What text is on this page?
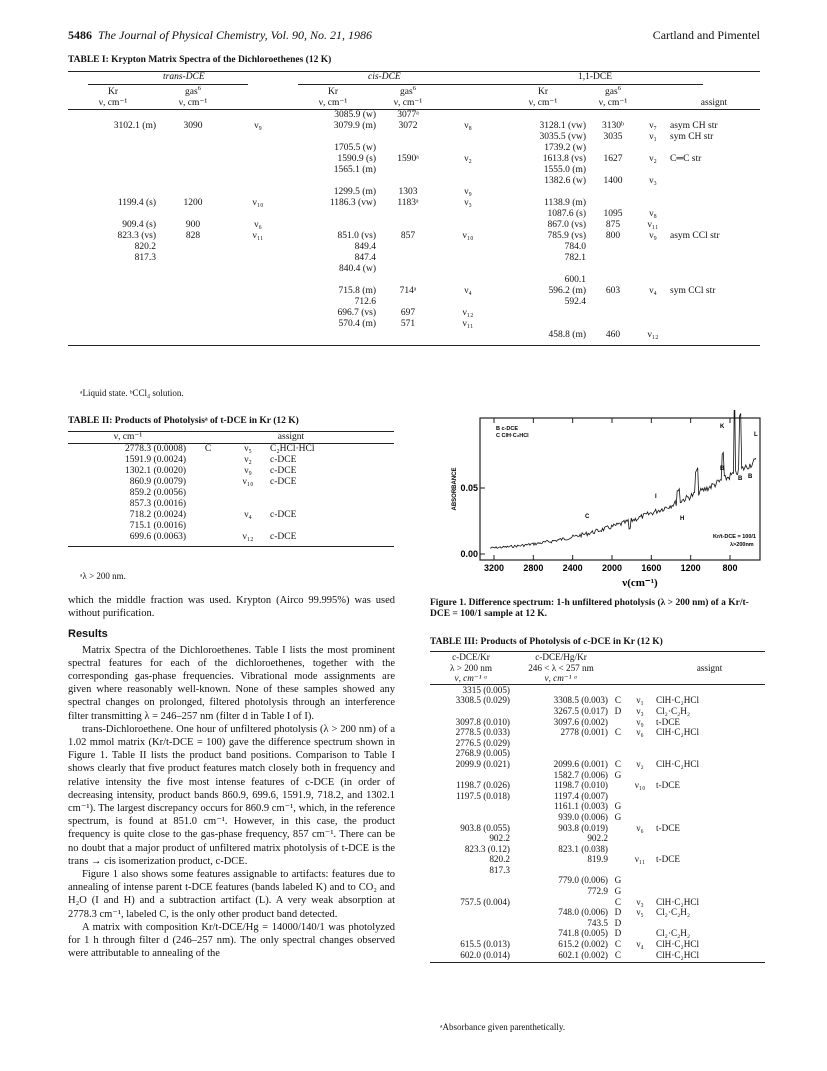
5486 The Journal of Physical Chemistry, Vol. 90, No. 21, 1986	Cartland and Pimentel
TABLE I: Krypton Matrix Spectra of the Dichloroethenes (12 K)
trans-DCE	cis-DCE	1,1-DCE
Kr	gas$^6$		Kr	gas$^6$		Kr	gas$^6$		
ν, cm⁻¹	ν, cm⁻¹		ν, cm⁻¹	ν, cm⁻¹		ν, cm⁻¹	ν, cm⁻¹		assignt
			3085.9 (w)	3077ᵃ					
3102.1 (m)	3090	ν₉	3079.9 (m)	3072	ν₈	3128.1 (vw)	3130ᵇ	ν₇	asym CH str
						3035.5 (vw)	3035	ν₁	sym CH str
			1705.5 (w)			1739.2 (w)			
			1590.9 (s)	1590ᵃ	ν₂	1613.8 (vs)	1627	ν₂	C═C str
			1565.1 (m)			1555.0 (m)			
						1382.6 (w)	1400	ν₃	
			1299.5 (m)	1303	ν₉				
1199.4 (s)	1200	ν₁₀	1186.3 (vw)	1183ᵃ	ν₃	1138.9 (m)			
						1087.6 (s)	1095	ν₈	
909.4 (s)	900	ν₆				867.0 (vs)	875	ν₁₁	
823.3 (vs)	828	ν₁₁	851.0 (vs)	857	ν₁₀	785.9 (vs)	800	ν₉	asym CCl str
820.2			849.4			784.0			
817.3			847.4			782.1			
			840.4 (w)						
						600.1			
			715.8 (m)	714ᵃ	ν₄	596.2 (m)	603	ν₄	sym CCl str
			712.6			592.4			
			696.7 (vs)	697	ν₁₂				
			570.4 (m)	571	ν₁₁				
						458.8 (m)	460	ν₁₂	
ᵃLiquid state. ᵇCCl₄ solution.
TABLE II: Products of Photolysisᵃ of t-DCE in Kr (12 K)
ν, cm⁻¹	assignt		
2778.3 (0.0008)	C	ν₅	C₂HCl·HCl
1591.9 (0.0024)		ν₂	c-DCE
1302.1 (0.0020)		ν₉	c-DCE
860.9 (0.0079)		ν₁₀	c-DCE
859.2 (0.0056)			
857.3 (0.0016)			
718.2 (0.0024)		ν₄	c-DCE
715.1 (0.0016)			
699.6 (0.0063)		ν₁₂	c-DCE
ᵃλ > 200 nm.
3200 2800 2400 2000 1600 1200 800
0.05
0.00
ABSORBANCE
ν(cm⁻¹)
B c-DCE
C ClH·C₂HCl
K
B
L
B
B
I
H
C
Kr/t-DCE = 100/1
λ>200nm
Figure 1. Difference spectrum: 1-h unfiltered photolysis (λ > 200 nm) of a Kr/t-DCE = 100/1 sample at 12 K.

which the middle fraction was used. Krypton (Airco 99.995%) was used without purification.

Results

Matrix Spectra of the Dichloroethenes. Table I lists the most prominent spectral features for each of the dichloroethenes, together with the corresponding gas-phase frequencies. Vibrational mode assignments are given where reasonably well-known. None of these samples showed any spectral changes on prolonged, filtered photolysis through an interference filter transmitting λ = 246–257 nm (filter d in Table I of I).

trans-Dichloroethene. One hour of unfiltered photolysis (λ > 200 nm) of a 1.02 mmol matrix (Kr/t-DCE = 100) gave the difference spectrum shown in Figure 1. Table II lists the product band positions. Comparison to Table I shows clearly that five product features match closely both in frequency and relative intensity the five most intense features of c-DCE (in order of decreasing intensity, product bands 860.9, 699.6, 1591.9, 718.2, and 1302.1 cm⁻¹). The largest discrepancy occurs for 860.9 cm⁻¹, which, in the reference spectrum, is found at 851.0 cm⁻¹. However, in this case, the product frequency is quite close to the gas-phase frequency, 857 cm⁻¹. There can be no doubt that a major product of unfiltered matrix photolysis of t-DCE is the trans → cis isomerization product, c-DCE.

Figure 1 also shows some features assignable to artifacts: features due to annealing of intense parent t-DCE features (bands labeled K) and to CO₂ and H₂O (I and H) and a subtraction artifact (L). A very weak absorption at 2778.3 cm⁻¹, labeled C, is the only other product band detected.

A matrix with composition Kr/t-DCE/Hg = 14000/140/1 was photolyzed for 1 h through filter d (246–257 nm). The only spectral changes observed were attributable to annealing of the

TABLE III: Products of Photolysis of c-DCE in Kr (12 K)
c-DCE/Kr	c-DCE/Hg/Kr			
λ > 200 nm	246 < λ < 257 nm			assignt
ν, cm⁻¹ ᵃ	ν, cm⁻¹ ᵃ			
3315 (0.005)				
3308.5 (0.029)	3308.5 (0.003)	C	ν₁	ClH·C₂HCl
	3267.5 (0.017)	D	ν₃	Cl₂·C₂H₂
3097.8 (0.010)	3097.6 (0.002)		ν₉	t-DCE
2778.5 (0.033)	2778 (0.001)	C	ν₆	ClH·C₂HCl
2776.5 (0.029)				
2768.9 (0.005)				
2099.9 (0.021)	2099.6 (0.001)	C	ν₂	ClH·C₂HCl
	1582.7 (0.006)	G		
1198.7 (0.026)	1198.7 (0.010)		ν₁₀	t-DCE
1197.5 (0.018)	1197.4 (0.007)			
	1161.1 (0.003)	G		
	939.0 (0.006)	G		
903.8 (0.055)	903.8 (0.019)		ν₆	t-DCE
902.2	902.2			
823.3 (0.12)	823.1 (0.038)			
820.2	819.9		ν₁₁	t-DCE
817.3				
	779.0 (0.006)	G		
	772.9	G		
757.5 (0.004)		C	ν₃	ClH·C₂HCl
	748.0 (0.006)	D	ν₅	Cl₂·C₂H₂
	743.5	D		
	741.8 (0.005)	D		Cl₂·C₂H₂
615.5 (0.013)	615.2 (0.002)	C	ν₄	ClH·C₂HCl
602.0 (0.014)	602.1 (0.002)	C		ClH·C₂HCl
ᵃAbsorbance given parenthetically.
